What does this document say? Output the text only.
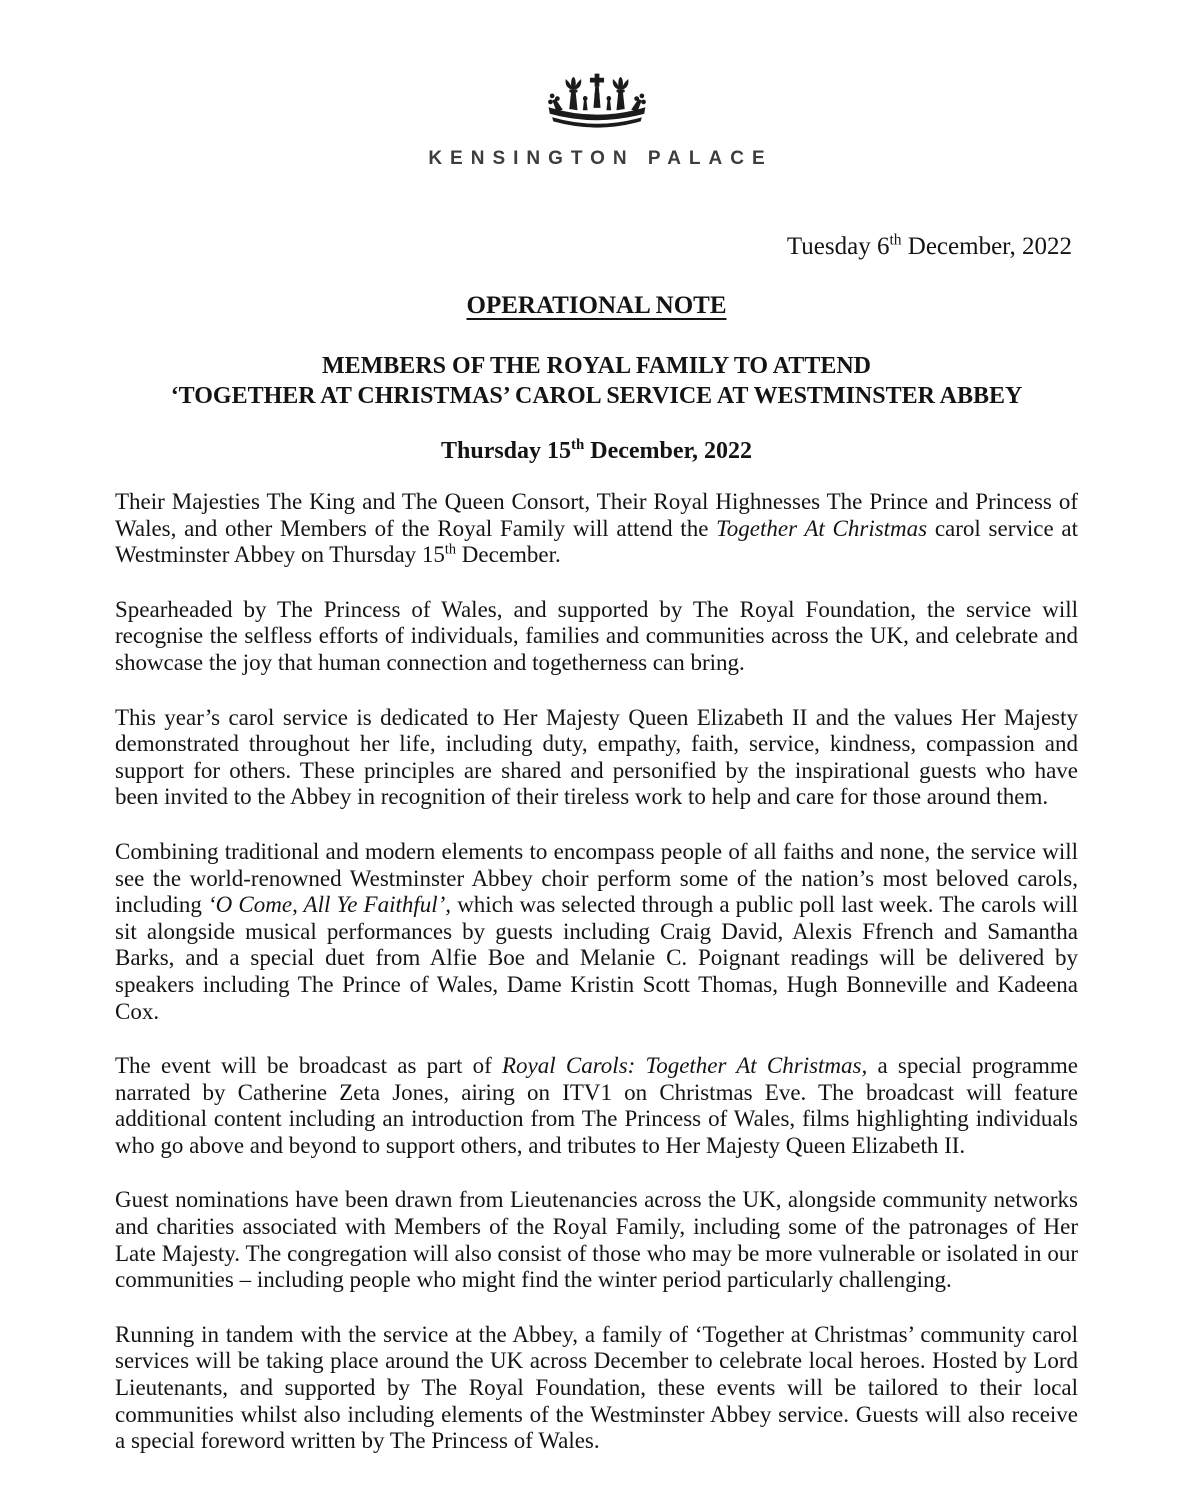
KENSINGTON PALACE
Tuesday 6th December, 2022
OPERATIONAL NOTE
MEMBERS OF THE ROYAL FAMILY TO ATTEND
‘TOGETHER AT CHRISTMAS’ CAROL SERVICE AT WESTMINSTER ABBEY
Thursday 15th December, 2022

Their Majesties The King and The Queen Consort, Their Royal Highnesses The Prince and Princess of Wales, and other Members of the Royal Family will attend the Together At Christmas carol service at Westminster Abbey on Thursday 15th December.

Spearheaded by The Princess of Wales, and supported by The Royal Foundation, the service will recognise the selfless efforts of individuals, families and communities across the UK, and celebrate and showcase the joy that human connection and togetherness can bring.

This year’s carol service is dedicated to Her Majesty Queen Elizabeth II and the values Her Majesty demonstrated throughout her life, including duty, empathy, faith, service, kindness, compassion and support for others. These principles are shared and personified by the inspirational guests who have been invited to the Abbey in recognition of their tireless work to help and care for those around them.

Combining traditional and modern elements to encompass people of all faiths and none, the service will see the world-renowned Westminster Abbey choir perform some of the nation’s most beloved carols, including ‘O Come, All Ye Faithful’, which was selected through a public poll last week. The carols will sit alongside musical performances by guests including Craig David, Alexis Ffrench and Samantha Barks, and a special duet from Alfie Boe and Melanie C. Poignant readings will be delivered by speakers including The Prince of Wales, Dame Kristin Scott Thomas, Hugh Bonneville and Kadeena Cox.

The event will be broadcast as part of Royal Carols: Together At Christmas, a special programme narrated by Catherine Zeta Jones, airing on ITV1 on Christmas Eve. The broadcast will feature additional content including an introduction from The Princess of Wales, films highlighting individuals who go above and beyond to support others, and tributes to Her Majesty Queen Elizabeth II.

Guest nominations have been drawn from Lieutenancies across the UK, alongside community networks and charities associated with Members of the Royal Family, including some of the patronages of Her Late Majesty. The congregation will also consist of those who may be more vulnerable or isolated in our communities – including people who might find the winter period particularly challenging.

Running in tandem with the service at the Abbey, a family of ‘Together at Christmas’ community carol services will be taking place around the UK across December to celebrate local heroes. Hosted by Lord Lieutenants, and supported by The Royal Foundation, these events will be tailored to their local communities whilst also including elements of the Westminster Abbey service. Guests will also receive a special foreword written by The Princess of Wales.
